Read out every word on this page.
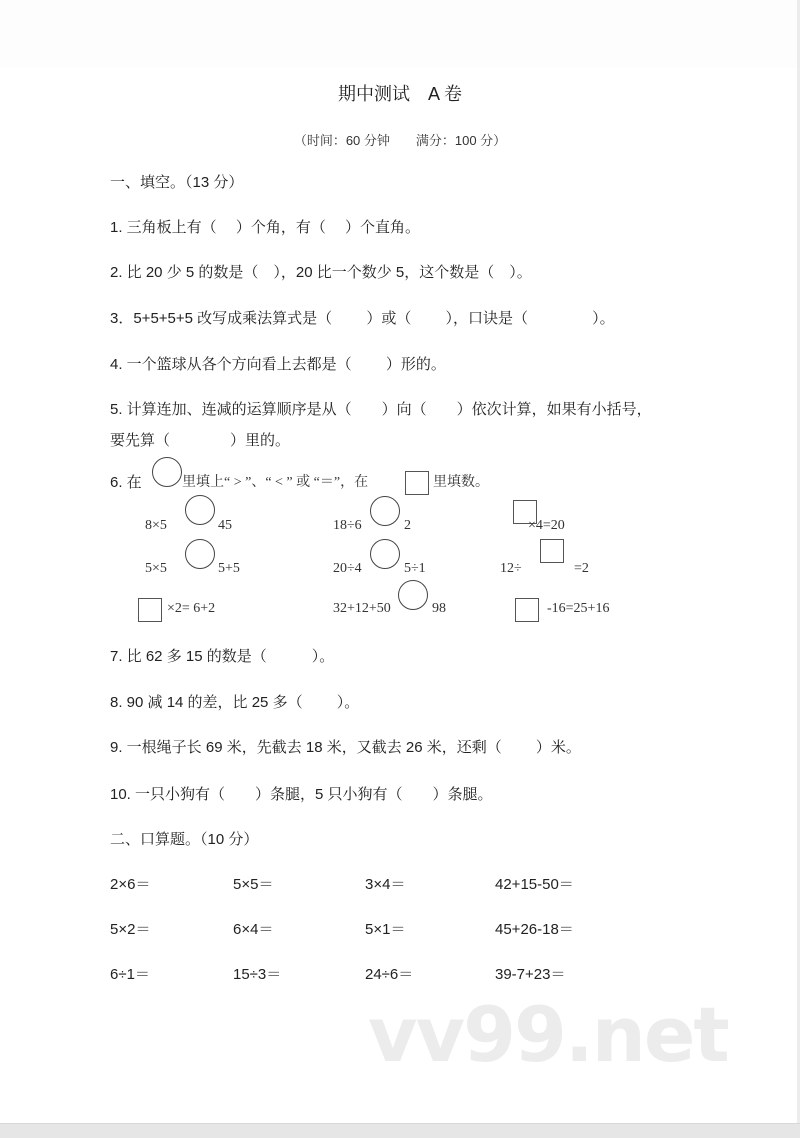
期中测试　A 卷
（时间：60 分钟　　满分：100 分）
一、填空。（13 分）
1. 三角板上有（　 ）个角，有（　 ）个直角。
2. 比 20 少 5 的数是（　），20 比一个数少 5，这个数是（　）。
3．5+5+5+5 改写成乘法算式是（　　 ）或（　　 ），口诀是（　　　　 ）。
4. 一个篮球从各个方向看上去都是（　　 ）形的。
5. 计算连加、连减的运算顺序是从（　　）向（　　）依次计算，如果有小括号，
要先算（　　　　）里的。
6. 在	里填上“ > ”、“ < ” 或 “＝”，在	里填数。
8×5	45	18÷6	2	×4=20
5×5	5+5	20÷4	5÷1	12÷	=2
×2= 6+2	32+12+50	98	-16=25+16
7. 比 62 多 15 的数是（　　　）。
8. 90 减 14 的差，比 25 多（　　 ）。
9. 一根绳子长 69 米，先截去 18 米，又截去 26 米，还剩（　　 ）米。
10. 一只小狗有（　　）条腿，5 只小狗有（　　）条腿。
二、口算题。（10 分）
2×6＝	5×5＝	3×4＝	42+15-50＝
5×2＝	6×4＝	5×1＝	45+26-18＝
6÷1＝	15÷3＝	24÷6＝	39-7+23＝
vv99.net
